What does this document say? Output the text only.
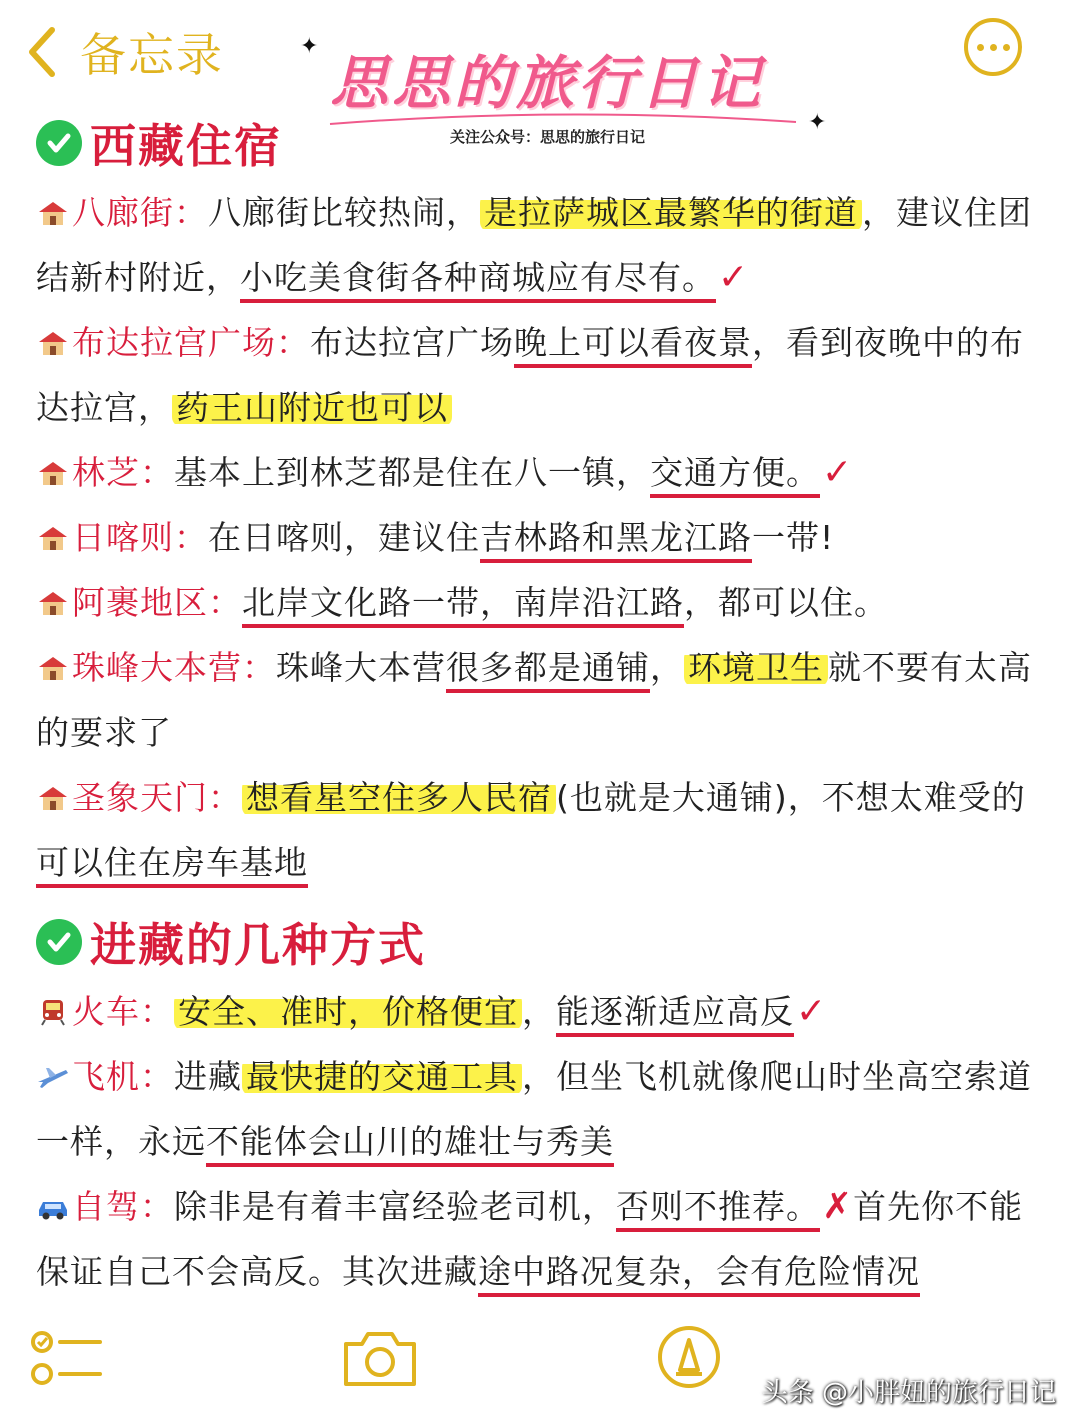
备忘录	✦
✦
思思的旅行日记
关注公众号：思思的旅行日记
西藏住宿

八廊街：八廊街比较热闹， 是拉萨城区最繁华的街道 ，建议住团结新村附近，小吃美食街各种商城应有尽有。✓

布达拉宫广场：布达拉宫广场晚上可以看夜景，看到夜晚中的布达拉宫， 药王山附近也可以

林芝：基本上到林芝都是住在八一镇，交通方便。✓

日喀则：在日喀则，建议住吉林路和黑龙江路一带!

阿裹地区：北岸文化路一带，南岸沿江路，都可以住。

珠峰大本营：珠峰大本营很多都是通铺， 环境卫生 就不要有太高的要求了

圣象天门： 想看星空住多人民宿 (也就是大通铺)，不想太难受的可以住在房车基地

进藏的几种方式

火车： 安全、准时，价格便宜 ，能逐渐适应高反✓

飞机：进藏 最快捷的交通工具 ，但坐飞机就像爬山时坐高空索道一样，永远不能体会山川的雄壮与秀美

自驾：除非是有着丰富经验老司机，否则不推荐。✗首先你不能保证自己不会高反。其次进藏途中路况复杂，会有危险情况

头条 @小胖妞的旅行日记
